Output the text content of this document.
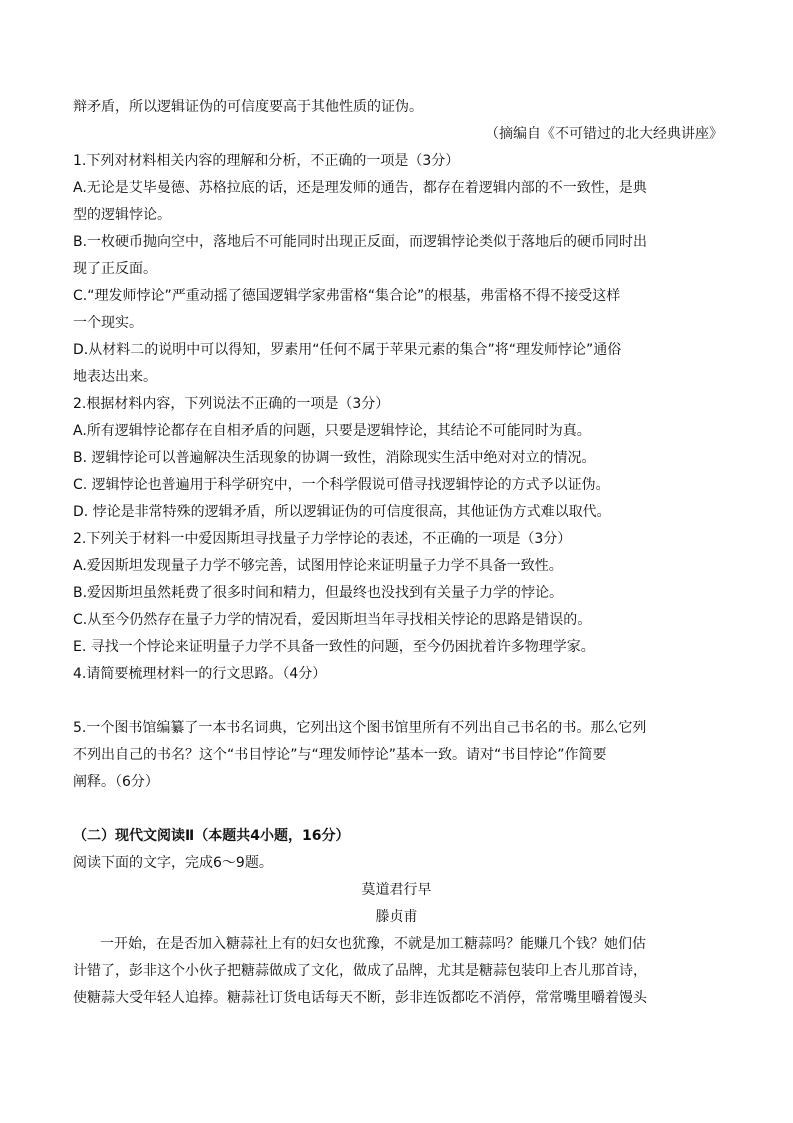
辩矛盾，所以逻辑证伪的可信度要高于其他性质的证伪。
（摘编自《不可错过的北大经典讲座》
1.下列对材料相关内容的理解和分析，不正确的一项是（3分）
A.无论是艾毕曼德、苏格拉底的话，还是理发师的通告，都存在着逻辑内部的不一致性，是典
型的逻辑悖论。
B.一枚硬币抛向空中，落地后不可能同时出现正反面，而逻辑悖论类似于落地后的硬币同时出
现了正反面。
C.“理发师悖论”严重动摇了德国逻辑学家弗雷格“集合论”的根基，弗雷格不得不接受这样
一个现实。
D.从材料二的说明中可以得知，罗素用“任何不属于苹果元素的集合”将“理发师悖论”通俗
地表达出来。
2.根据材料内容，下列说法不正确的一项是（3分）
A.所有逻辑悖论都存在自相矛盾的问题，只要是逻辑悖论，其结论不可能同时为真。
B. 逻辑悖论可以普遍解决生活现象的协调一致性，消除现实生活中绝对对立的情况。
C. 逻辑悖论也普遍用于科学研究中，一个科学假说可借寻找逻辑悖论的方式予以证伪。
D. 悖论是非常特殊的逻辑矛盾，所以逻辑证伪的可信度很高，其他证伪方式难以取代。
2.下列关于材料一中爱因斯坦寻找量子力学悖论的表述，不正确的一项是（3分）
A.爱因斯坦发现量子力学不够完善，试图用悖论来证明量子力学不具备一致性。
B.爱因斯坦虽然耗费了很多时间和精力，但最终也没找到有关量子力学的悖论。
C.从至今仍然存在量子力学的情况看，爱因斯坦当年寻找相关悖论的思路是错误的。
E. 寻找一个悖论来证明量子力学不具备一致性的问题，至今仍困扰着许多物理学家。
4.请简要梳理材料一的行文思路。（4分）
5.一个图书馆编纂了一本书名词典，它列出这个图书馆里所有不列出自己书名的书。那么它列
不列出自己的书名？这个“书目悖论”与“理发师悖论”基本一致。请对“书目悖论”作简要
阐释。（6分）
（二）现代文阅读Ⅱ（本题共4小题，16分）
阅读下面的文字，完成6～9题。
莫道君行早
滕贞甫
一开始，在是否加入糖蒜社上有的妇女也犹豫，不就是加工糖蒜吗？能赚几个钱？她们估
计错了，彭非这个小伙子把糖蒜做成了文化，做成了品牌，尤其是糖蒜包装印上杏儿那首诗，
使糖蒜大受年轻人追捧。糖蒜社订货电话每天不断，彭非连饭都吃不消停，常常嘴里嚼着馒头
